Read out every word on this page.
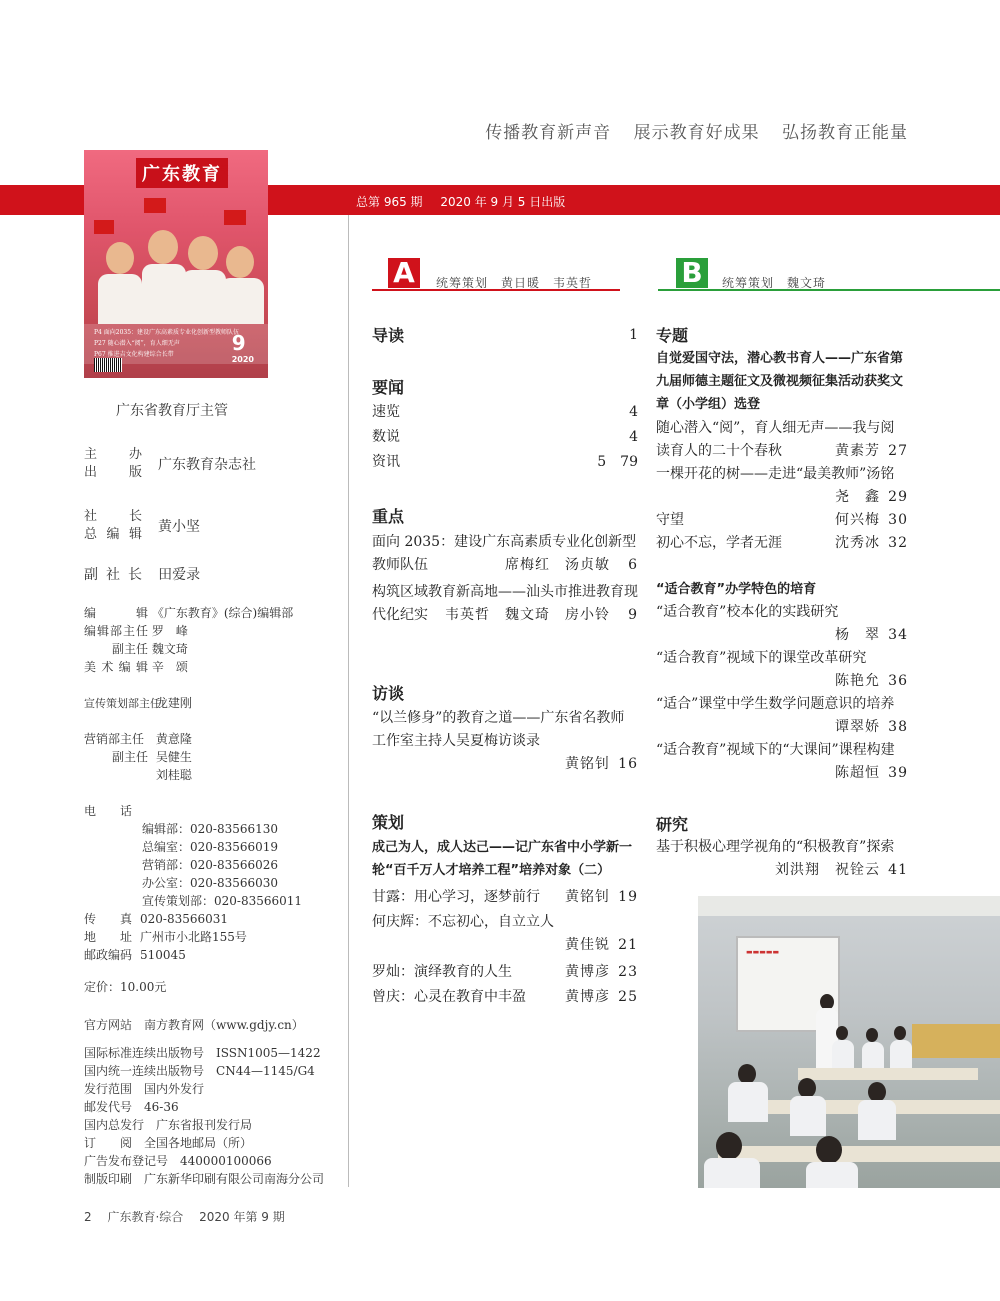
传播教育新声音 展示教育好成果 弘扬教育正能量
总第 965 期 2020 年 9 月 5 日出版
广东教育
综合
P4 面向2035：建设广东高素质专业化创新型教师队伍
P27 随心潜入“阅”，育人细无声
P67 推进吉文化构建综合长带	9
2020
广东省教育厅主管
主　　办
出　　版 广东教育杂志社
社　　长
总 编 辑 黄小坚
副 社 长 田爱录
编　　辑 《广东教育》(综合)编辑部
编辑部主任 罗　峰
副主任 魏文琦
美 术 编 辑 辛　颂
宣传策划部主任 龙建刚
营销部主任 黄意隆
副主任 吴健生
刘桂聪
电　　话
编辑部：020-83566130
总编室：020-83566019
营销部：020-83566026
办公室：020-83566030
宣传策划部：020-83566011
传　　真　 020-83566031
地　　址　 广州市小北路155号
邮政编码　 510045
定价：10.00元
官方网站　 南方教育网（www.gdjy.cn）
国际标准连续出版物号　 ISSN1005—1422
国内统一连续出版物号　 CN44—1145/G4
发行范围　 国内外发行
邮发代号　 46-36
国内总发行　 广东省报刊发行局
订　　阅　 全国各地邮局（所）
广告发布登记号　 440000100066
制版印刷　 广东新华印刷有限公司南海分公司
A	统筹策划　黄日暖　韦英哲	B	统筹策划　魏文琦
导读	1
要闻
速览	4
数说	4
资讯	5　79
重点
面向 2035：建设广东高素质专业化创新型教师队伍	席梅红　汤贞敏 6
构筑区域教育新高地——汕头市推进教育现代化纪实 韦英哲　魏文琦　房小铃 9
访谈
“以兰修身”的教育之道——广东省名教师工作室主持人吴夏梅访谈录
黄铭钊 16
策划
成己为人，成人达己——记广东省中小学新一轮“百千万人才培养工程”培养对象（二）
甘露：用心学习，逐梦前行 黄铭钊 19
何庆辉：不忘初心，自立立人
黄佳锐 21
罗灿：演绎教育的人生	黄博彦 23
曾庆：心灵在教育中丰盈	黄博彦 25
专题
自觉爱国守法，潜心教书育人——广东省第九届师德主题征文及微视频征集活动获奖文章（小学组）选登
随心潜入“阅”，育人细无声——我与阅读育人的二十个春秋	黄素芳 27
一棵开花的树——走进“最美教师”汤铭
尧　鑫 29
守望	何兴梅 30
初心不忘，学者无涯	沈秀冰 32
“适合教育”办学特色的培育
“适合教育”校本化的实践研究
杨　翠 34
“适合教育”视域下的课堂改革研究
陈艳允 36
“适合”课堂中学生数学问题意识的培养
谭翠娇 38
“适合教育”视域下的“大课间”课程构建
陈超恒 39
研究
基于积极心理学视角的“积极教育”探索
刘洪翔　祝铨云 41
▬▬▬▬▬
2 广东教育·综合 2020 年第 9 期
